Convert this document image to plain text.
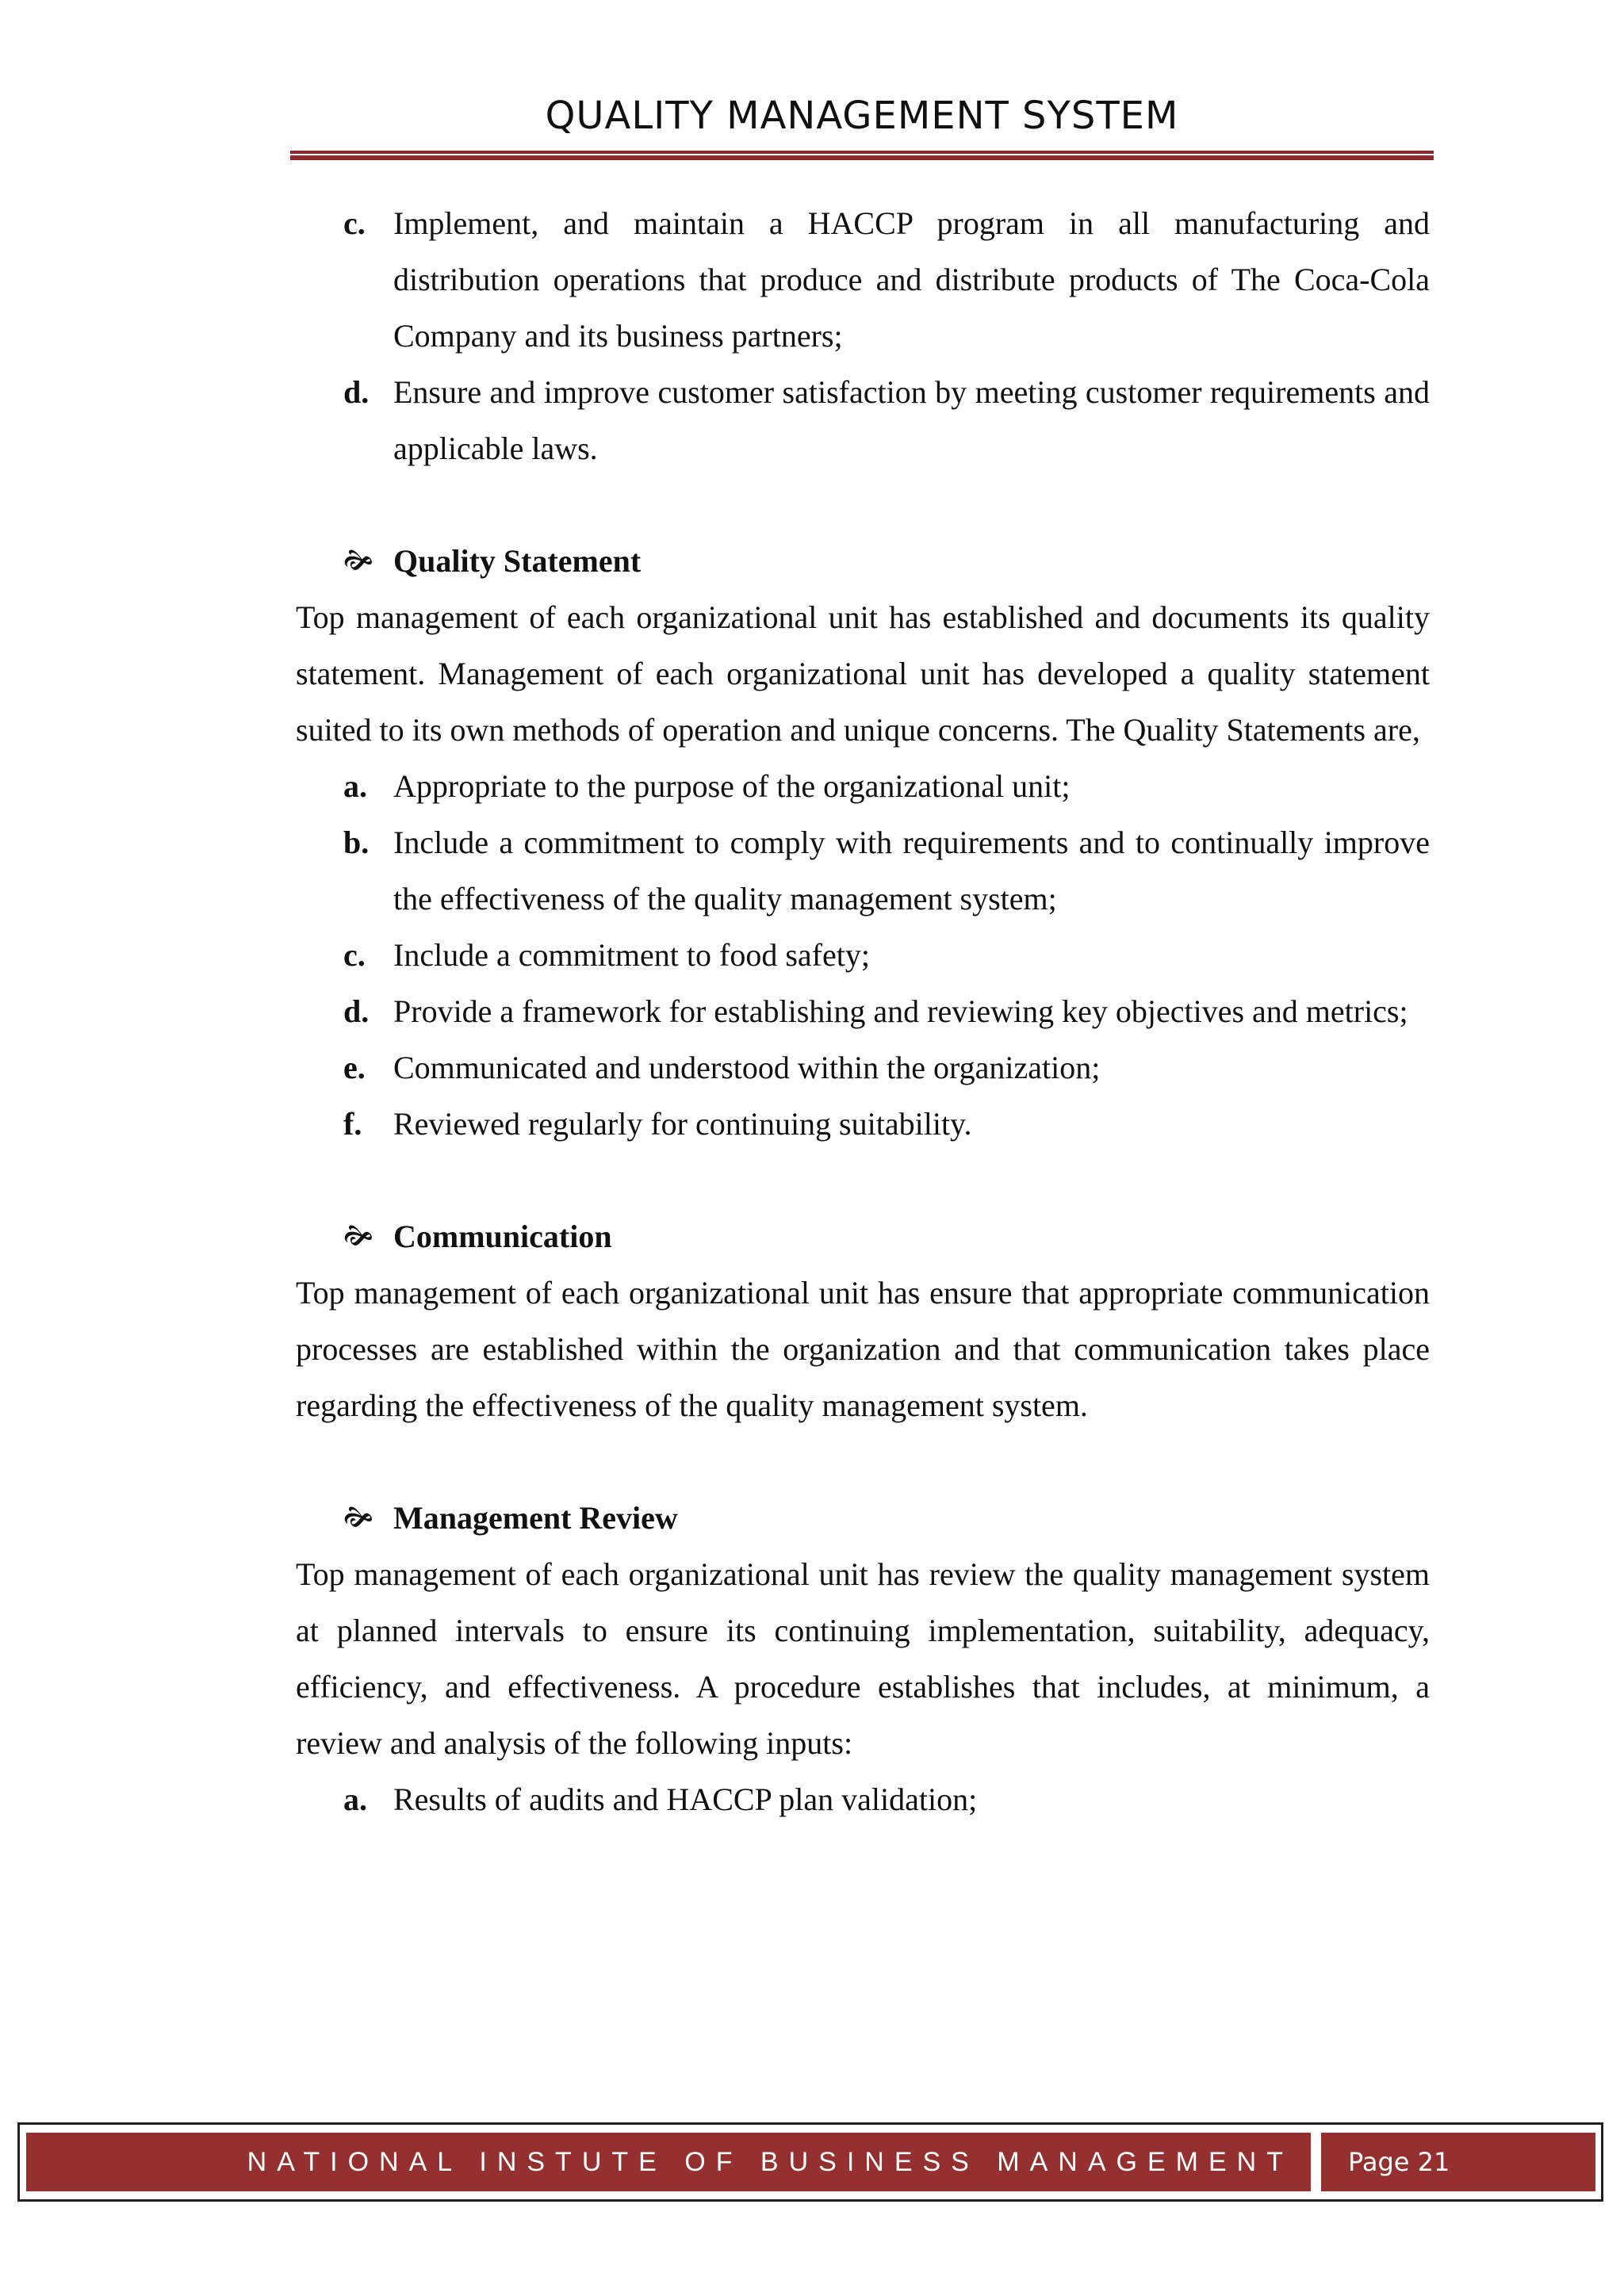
QUALITY MANAGEMENT SYSTEM
c. Implement, and maintain a HACCP program in all manufacturing and distribution operations that produce and distribute products of The Coca-Cola Company and its business partners;
d. Ensure and improve customer satisfaction by meeting customer requirements and applicable laws.
🙞 Quality Statement

Top management of each organizational unit has established and documents its quality statement. Management of each organizational unit has developed a quality statement suited to its own methods of operation and unique concerns. The Quality Statements are,

a. Appropriate to the purpose of the organizational unit;
b. Include a commitment to comply with requirements and to continually improve the effectiveness of the quality management system;
c. Include a commitment to food safety;
d. Provide a framework for establishing and reviewing key objectives and metrics;
e. Communicated and understood within the organization;
f. Reviewed regularly for continuing suitability.
🙞 Communication

Top management of each organizational unit has ensure that appropriate communication processes are established within the organization and that communication takes place regarding the effectiveness of the quality management system.

🙞 Management Review

Top management of each organizational unit has review the quality management system at planned intervals to ensure its continuing implementation, suitability, adequacy, efficiency, and effectiveness. A procedure establishes that includes, at minimum, a review and analysis of the following inputs:

a. Results of audits and HACCP plan validation;
NATIONAL INSTUTE OF BUSINESS MANAGEMENT	Page 21
